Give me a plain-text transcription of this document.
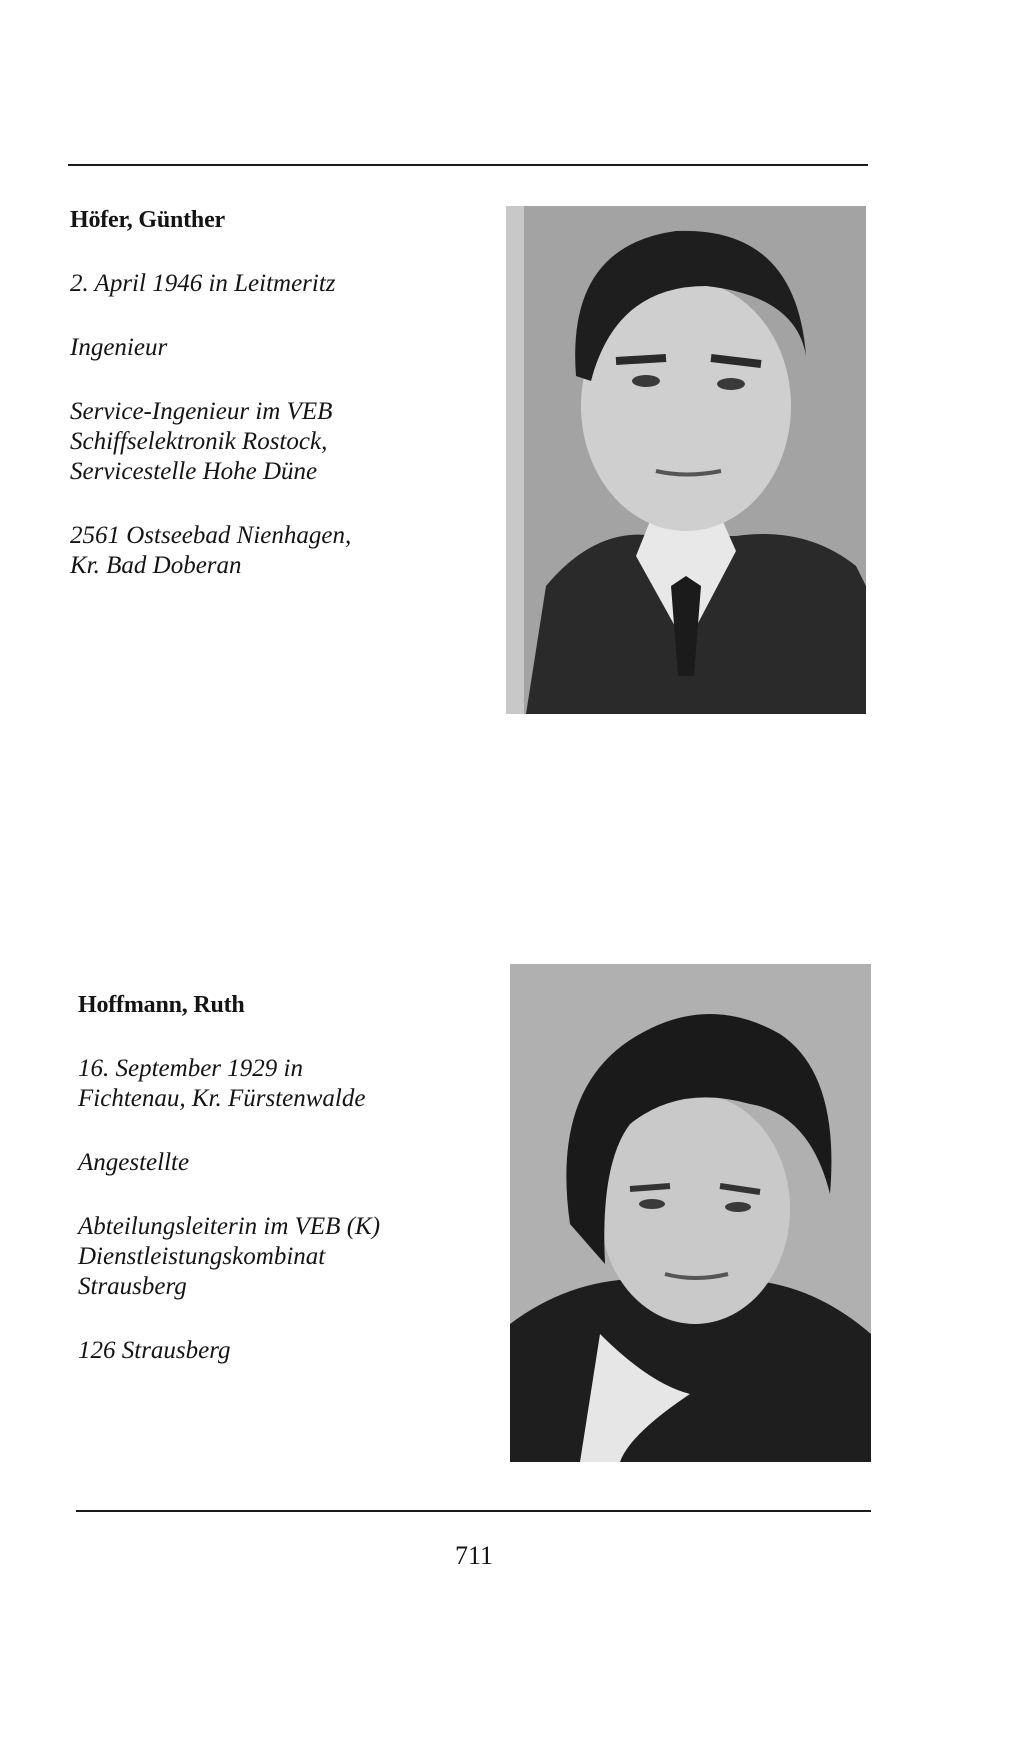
Höfer, Günther

2. April 1946 in Leitmeritz

Ingenieur

Service-Ingenieur im VEB

Schiffselektronik Rostock,

Servicestelle Hohe Düne

2561 Ostseebad Nienhagen,

Kr. Bad Doberan

Hoffmann, Ruth

16. September 1929 in

Fichtenau, Kr. Fürstenwalde

Angestellte

Abteilungsleiterin im VEB (K)

Dienstleistungskombinat

Strausberg

126 Strausberg

711
